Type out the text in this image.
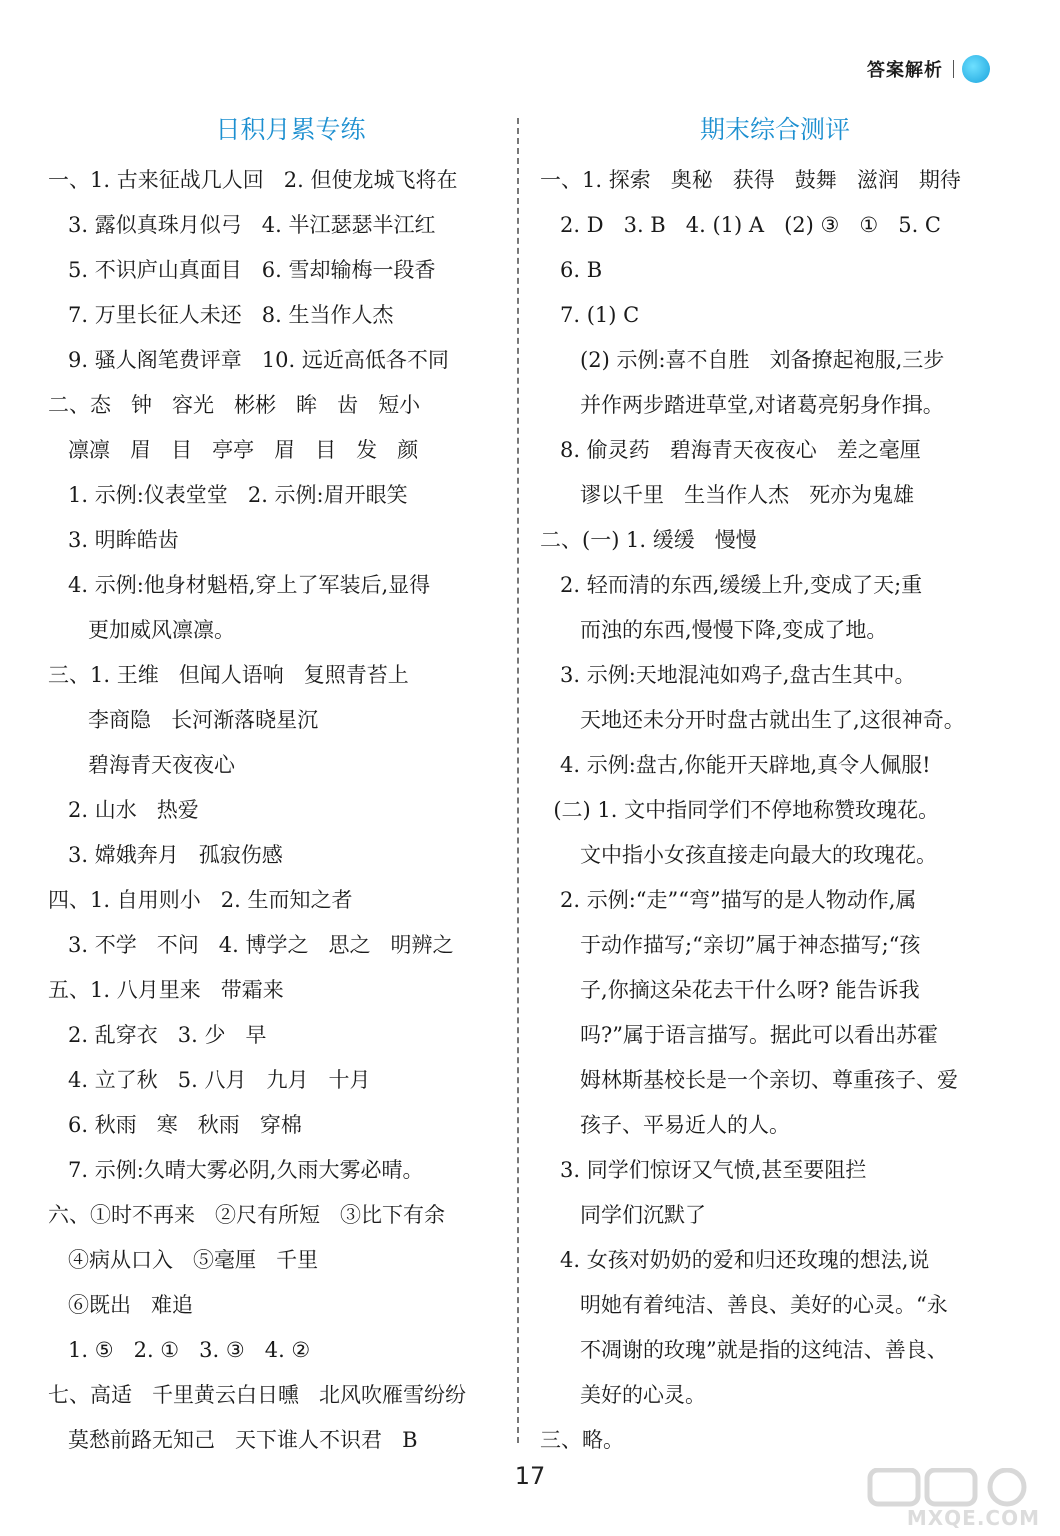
答案解析
日积月累专练
一、1. 古来征战几人回   2. 但使龙城飞将在
3. 露似真珠月似弓   4. 半江瑟瑟半江红
5. 不识庐山真面目   6. 雪却输梅一段香
7. 万里长征人未还   8. 生当作人杰
9. 骚人阁笔费评章   10. 远近高低各不同
二、态   钟   容光   彬彬   眸   齿   短小
凛凛   眉   目   亭亭   眉   目   发   颜
1. 示例:仪表堂堂   2. 示例:眉开眼笑
3. 明眸皓齿
4. 示例:他身材魁梧,穿上了军装后,显得
更加威风凛凛。
三、1. 王维   但闻人语响   复照青苔上
李商隐   长河渐落晓星沉
碧海青天夜夜心
2. 山水   热爱
3. 嫦娥奔月   孤寂伤感
四、1. 自用则小   2. 生而知之者
3. 不学   不问   4. 博学之   思之   明辨之
五、1. 八月里来   带霜来
2. 乱穿衣   3. 少   早
4. 立了秋   5. 八月   九月   十月
6. 秋雨   寒   秋雨   穿棉
7. 示例:久晴大雾必阴,久雨大雾必晴。
六、①时不再来   ②尺有所短   ③比下有余
④病从口入   ⑤毫厘   千里
⑥既出   难追
1. ⑤   2. ①   3. ③   4. ②
七、高适   千里黄云白日曛   北风吹雁雪纷纷
莫愁前路无知己   天下谁人不识君   B
期末综合测评
一、1. 探索   奥秘   获得   鼓舞   滋润   期待
2. D   3. B   4. (1) A   (2) ③   ①   5. C
6. B
7. (1) C
(2) 示例:喜不自胜   刘备撩起袍服,三步
并作两步踏进草堂,对诸葛亮躬身作揖。
8. 偷灵药   碧海青天夜夜心   差之毫厘
谬以千里   生当作人杰   死亦为鬼雄
二、(一) 1. 缓缓   慢慢
2. 轻而清的东西,缓缓上升,变成了天;重
而浊的东西,慢慢下降,变成了地。
3. 示例:天地混沌如鸡子,盘古生其中。
天地还未分开时盘古就出生了,这很神奇。
4. 示例:盘古,你能开天辟地,真令人佩服!
(二) 1. 文中指同学们不停地称赞玫瑰花。
文中指小女孩直接走向最大的玫瑰花。
2. 示例:“走”“弯”描写的是人物动作,属
于动作描写;“亲切”属于神态描写;“孩
子,你摘这朵花去干什么呀? 能告诉我
吗?”属于语言描写。据此可以看出苏霍
姆林斯基校长是一个亲切、尊重孩子、爱
孩子、平易近人的人。
3. 同学们惊讶又气愤,甚至要阻拦
同学们沉默了
4. 女孩对奶奶的爱和归还玫瑰的想法,说
明她有着纯洁、善良、美好的心灵。“永
不凋谢的玫瑰”就是指的这纯洁、善良、
美好的心灵。
三、略。
17
MXQE.COM
